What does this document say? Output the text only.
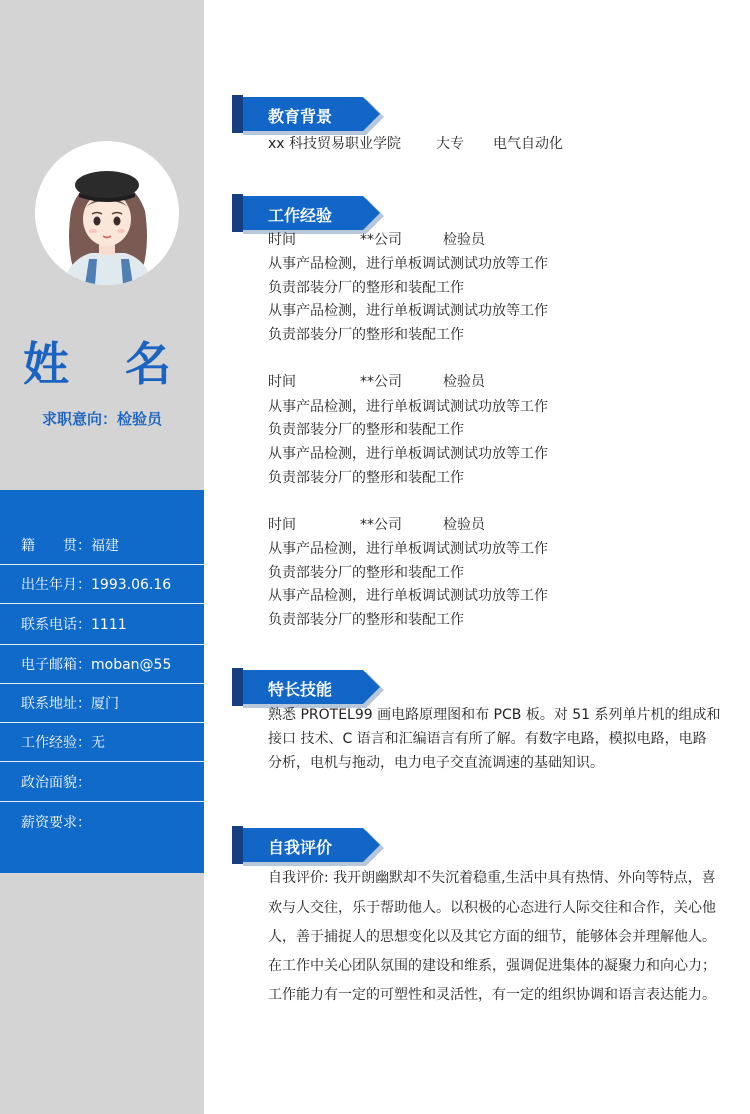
姓 名
求职意向：检验员
籍　　贯：福建
出生年月：1993.06.16
联系电话：1111
电子邮箱：moban@55
联系地址：厦门
工作经验：无
政治面貌：
薪资要求：
教育背景
xx 科技贸易职业学院 大专 电气自动化
工作经验
时间	**公司	检验员
从事产品检测，进行单板调试测试功放等工作
负责部装分厂的整形和装配工作
从事产品检测，进行单板调试测试功放等工作
负责部装分厂的整形和装配工作
时间	**公司	检验员
从事产品检测，进行单板调试测试功放等工作
负责部装分厂的整形和装配工作
从事产品检测，进行单板调试测试功放等工作
负责部装分厂的整形和装配工作
时间	**公司	检验员
从事产品检测，进行单板调试测试功放等工作
负责部装分厂的整形和装配工作
从事产品检测，进行单板调试测试功放等工作
负责部装分厂的整形和装配工作
特长技能
熟悉 PROTEL99 画电路原理图和布 PCB 板。对 51 系列单片机的组成和
接口 技术、C 语言和汇编语言有所了解。有数字电路，模拟电路，电路
分析，电机与拖动，电力电子交直流调速的基础知识。
自我评价
自我评价: 我开朗幽默却不失沉着稳重,生活中具有热情、外向等特点，喜
欢与人交往，乐于帮助他人。以积极的心态进行人际交往和合作，关心他
人，善于捕捉人的思想变化以及其它方面的细节，能够体会并理解他人。
在工作中关心团队氛围的建设和维系，强调促进集体的凝聚力和向心力；
工作能力有一定的可塑性和灵活性，有一定的组织协调和语言表达能力。
